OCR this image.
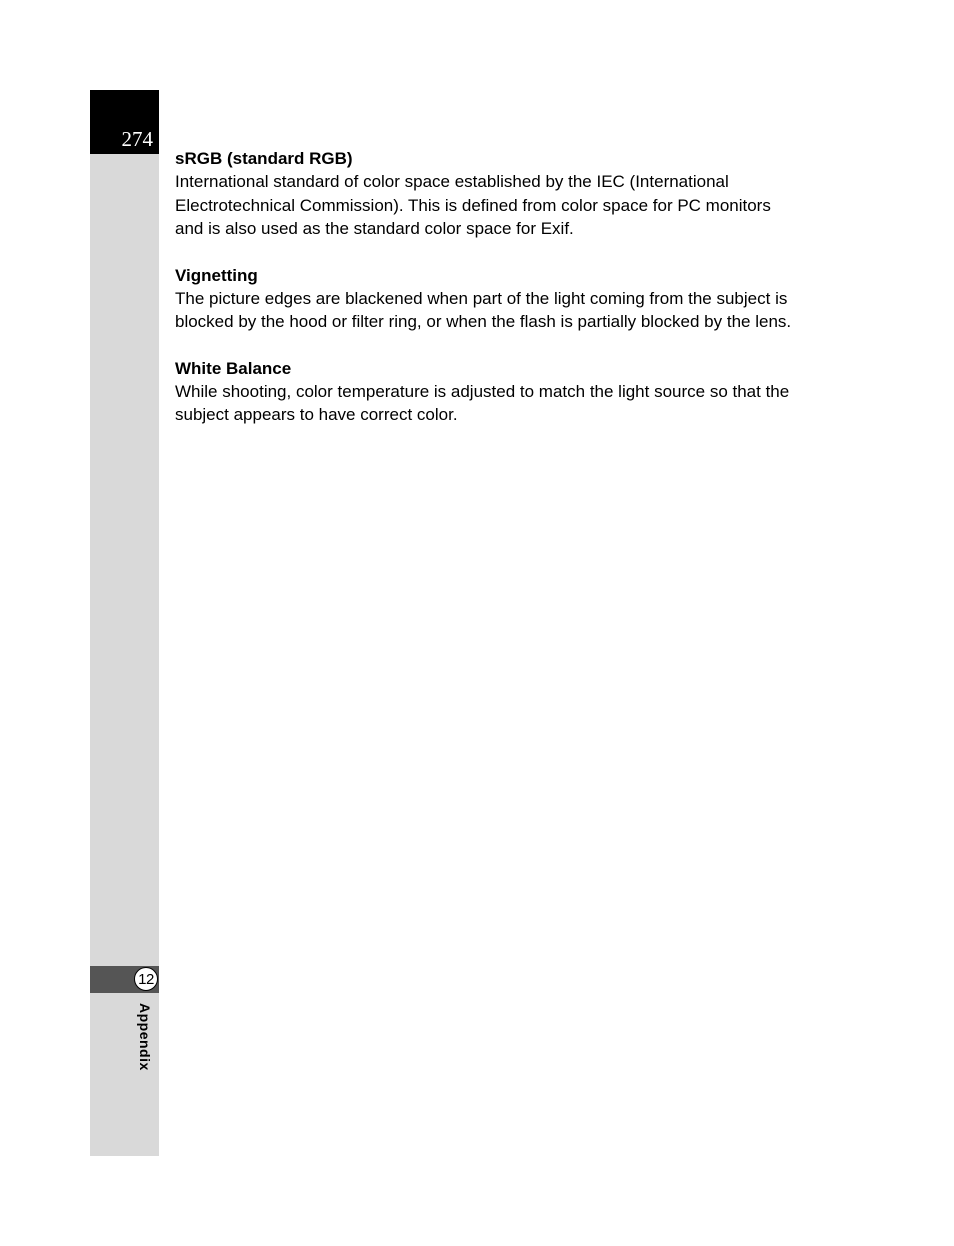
274
12
Appendix

sRGB (standard RGB)

International standard of color space established by the IEC (International Electrotechnical Commission). This is defined from color space for PC monitors and is also used as the standard color space for Exif.

Vignetting

The picture edges are blackened when part of the light coming from the subject is blocked by the hood or filter ring, or when the flash is partially blocked by the lens.

White Balance

While shooting, color temperature is adjusted to match the light source so that the subject appears to have correct color.
